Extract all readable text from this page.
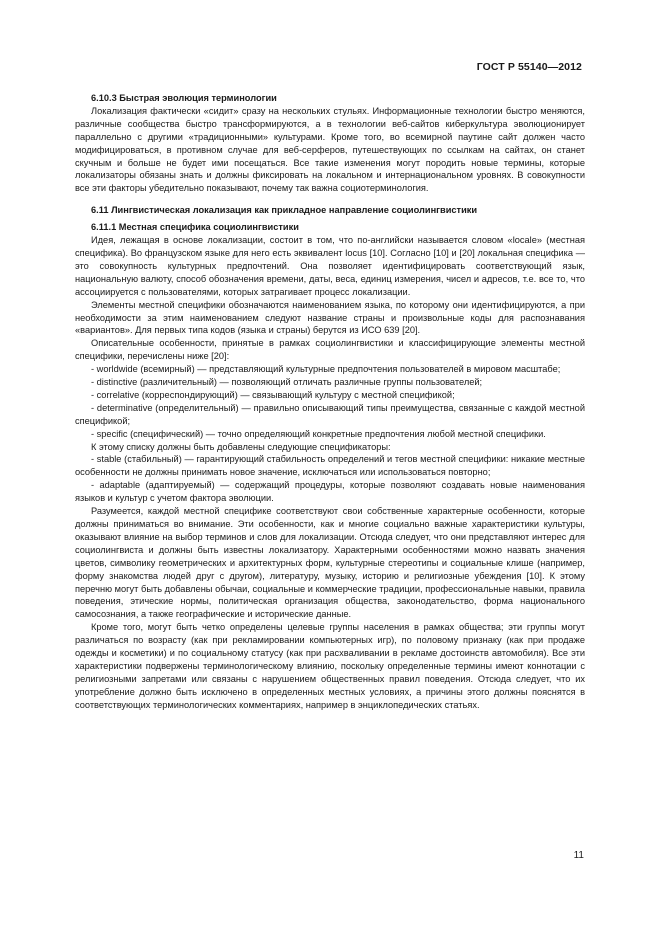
ГОСТ Р 55140—2012
6.10.3 Быстрая эволюция терминологии

Локализация фактически «сидит» сразу на нескольких стульях. Информационные технологии быстро меняются, различные сообщества быстро трансформируются, а в технологии веб-сайтов киберкультура эволюционирует параллельно с другими «традиционными» культурами. Кроме того, во всемирной паутине сайт должен часто модифицироваться, в противном случае для веб-серферов, путешествующих по ссылкам на сайтах, он станет скучным и больше не будет ими посещаться. Все такие изменения могут породить новые термины, которые локализаторы обязаны знать и должны фиксировать на локальном и интернациональном уровнях. В совокупности все эти факторы убедительно показывают, почему так важна социотерминология.

6.11 Лингвистическая локализация как прикладное направление социолингвистики
6.11.1 Местная специфика социолингвистики

Идея, лежащая в основе локализации, состоит в том, что по-английски называется словом «locale» (местная специфика). Во французском языке для него есть эквивалент locus [10]. Согласно [10] и [20] локальная специфика — это совокупность культурных предпочтений. Она позволяет идентифицировать соответствующий язык, национальную валюту, способ обозначения времени, даты, веса, единиц измерения, чисел и адресов, т.е. все то, что ассоциируется с пользователями, которых затрагивает процесс локализации.

Элементы местной специфики обозначаются наименованием языка, по которому они идентифицируются, а при необходимости за этим наименованием следуют название страны и произвольные коды для распознавания «вариантов». Для первых типа кодов (языка и страны) берутся из ИСО 639 [20].

Описательные особенности, принятые в рамках социолингвистики и классифицирующие элементы местной специфики, перечислены ниже [20]:

- worldwide (всемирный) — представляющий культурные предпочтения пользователей в мировом масштабе;

- distinctive (различительный) — позволяющий отличать различные группы пользователей;

- correlative (корреспондирующий) — связывающий культуру с местной спецификой;

- determinative (определительный) — правильно описывающий типы преимущества, связанные с каждой местной спецификой;

- specific (специфический) — точно определяющий конкретные предпочтения любой местной специфики.

К этому списку должны быть добавлены следующие спецификаторы:

- stable (стабильный) — гарантирующий стабильность определений и тегов местной специфики: никакие местные особенности не должны принимать новое значение, исключаться или использоваться повторно;

- adaptable (адаптируемый) — содержащий процедуры, которые позволяют создавать новые наименования языков и культур с учетом фактора эволюции.

Разумеется, каждой местной специфике соответствуют свои собственные характерные особенности, которые должны приниматься во внимание. Эти особенности, как и многие социально важные характеристики культуры, оказывают влияние на выбор терминов и слов для локализации. Отсюда следует, что они представляют интерес для социолингвиста и должны быть известны локализатору. Характерными особенностями можно назвать значения цветов, символику геометрических и архитектурных форм, культурные стереотипы и социальные клише (например, форму знакомства людей друг с другом), литературу, музыку, историю и религиозные убеждения [10]. К этому перечню могут быть добавлены обычаи, социальные и коммерческие традиции, профессиональные навыки, правила поведения, этические нормы, политическая организация общества, законодательство, форма национального самосознания, а также географические и исторические данные.

Кроме того, могут быть четко определены целевые группы населения в рамках общества; эти группы могут различаться по возрасту (как при рекламировании компьютерных игр), по половому признаку (как при продаже одежды и косметики) и по социальному статусу (как при расхваливании в рекламе достоинств автомобиля). Все эти характеристики подвержены терминологическому влиянию, поскольку определенные термины имеют коннотации с религиозными запретами или связаны с нарушением общественных правил поведения. Отсюда следует, что их употребление должно быть исключено в определенных местных условиях, а причины этого должны пояснятся в соответствующих терминологических комментариях, например в энциклопедических статьях.

11
